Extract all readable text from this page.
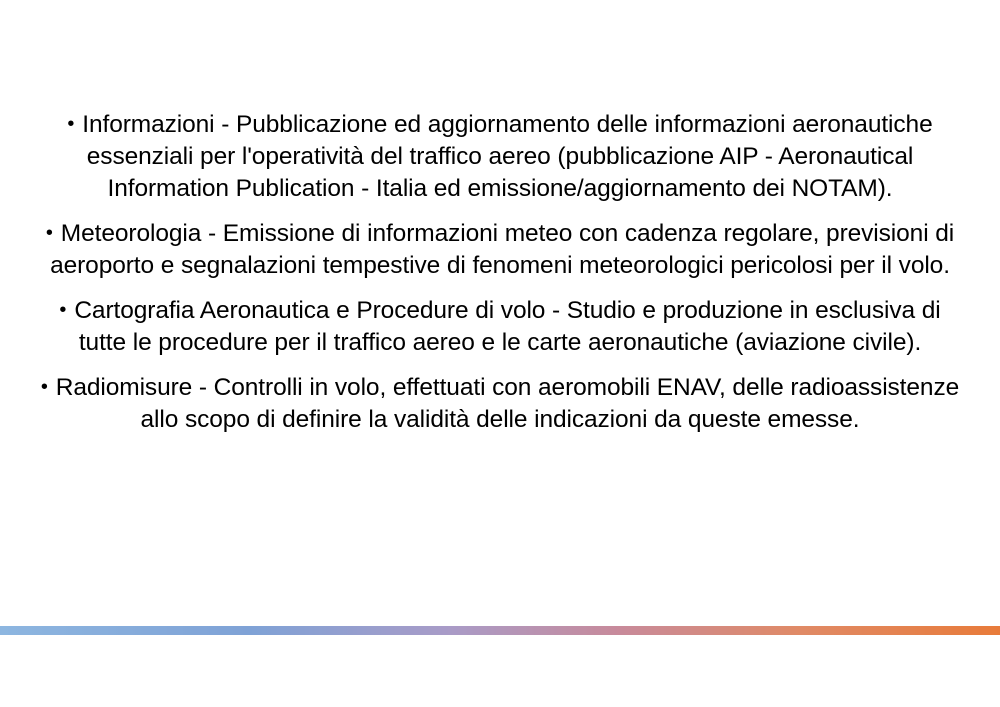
• Informazioni - Pubblicazione ed aggiornamento delle informazioni aeronautiche essenziali per l'operatività del traffico aereo (pubblicazione AIP - Aeronautical Information Publication - Italia ed emissione/aggiornamento dei NOTAM).

• Meteorologia - Emissione di informazioni meteo con cadenza regolare, previsioni di aeroporto e segnalazioni tempestive di fenomeni meteorologici pericolosi per il volo.

• Cartografia Aeronautica e Procedure di volo - Studio e produzione in esclusiva di tutte le procedure per il traffico aereo e le carte aeronautiche (aviazione civile).

• Radiomisure - Controlli in volo, effettuati con aeromobili ENAV, delle radioassistenze allo scopo di definire la validità delle indicazioni da queste emesse.
